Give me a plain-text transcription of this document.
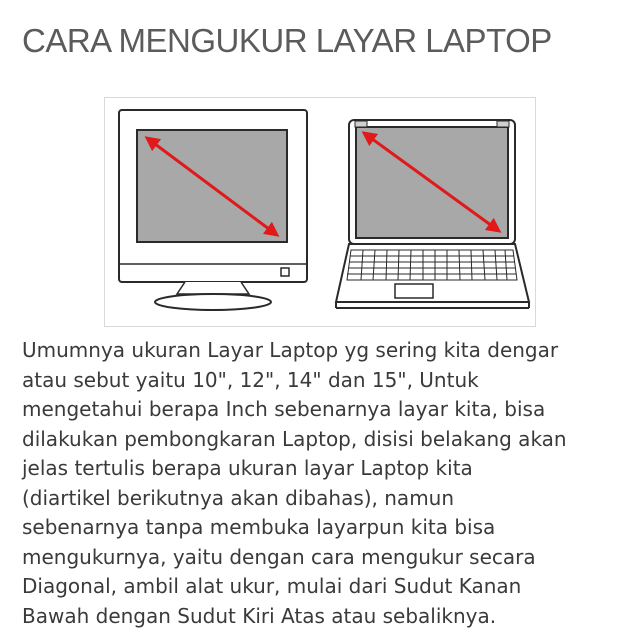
CARA MENGUKUR LAYAR LAPTOP

Umumnya ukuran Layar Laptop yg sering kita dengar
atau sebut yaitu 10", 12", 14" dan 15", Untuk
mengetahui berapa Inch sebenarnya layar kita, bisa
dilakukan pembongkaran Laptop, disisi belakang akan
jelas tertulis berapa ukuran layar Laptop kita
(diartikel berikutnya akan dibahas), namun
sebenarnya tanpa membuka layarpun kita bisa
mengukurnya, yaitu dengan cara mengukur secara
Diagonal, ambil alat ukur, mulai dari Sudut Kanan
Bawah dengan Sudut Kiri Atas atau sebaliknya.
